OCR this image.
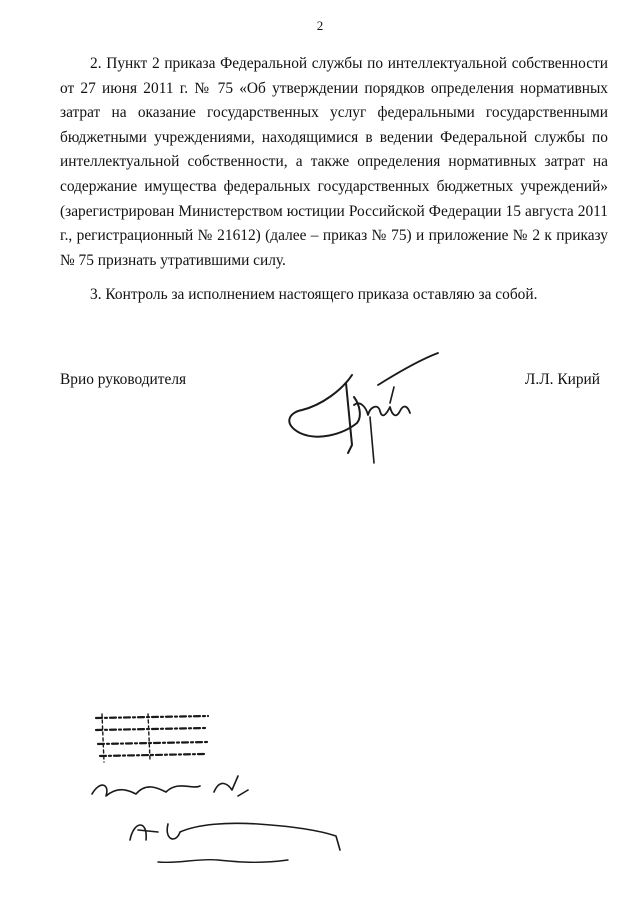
2

2. Пункт 2 приказа Федеральной службы по интеллектуальной собственности от 27 июня 2011 г. № 75 «Об утверждении порядков определения нормативных затрат на оказание государственных услуг федеральными государственными бюджетными учреждениями, находящимися в ведении Федеральной службы по интеллектуальной собственности, а также определения нормативных затрат на содержание имущества федеральных государственных бюджетных учреждений» (зарегистрирован Министерством юстиции Российской Федерации 15 августа 2011 г., регистрационный № 21612) (далее – приказ № 75) и приложение № 2 к приказу № 75 признать утратившими силу.

3. Контроль за исполнением настоящего приказа оставляю за собой.

Врио руководителя	Л.Л. Кирий
